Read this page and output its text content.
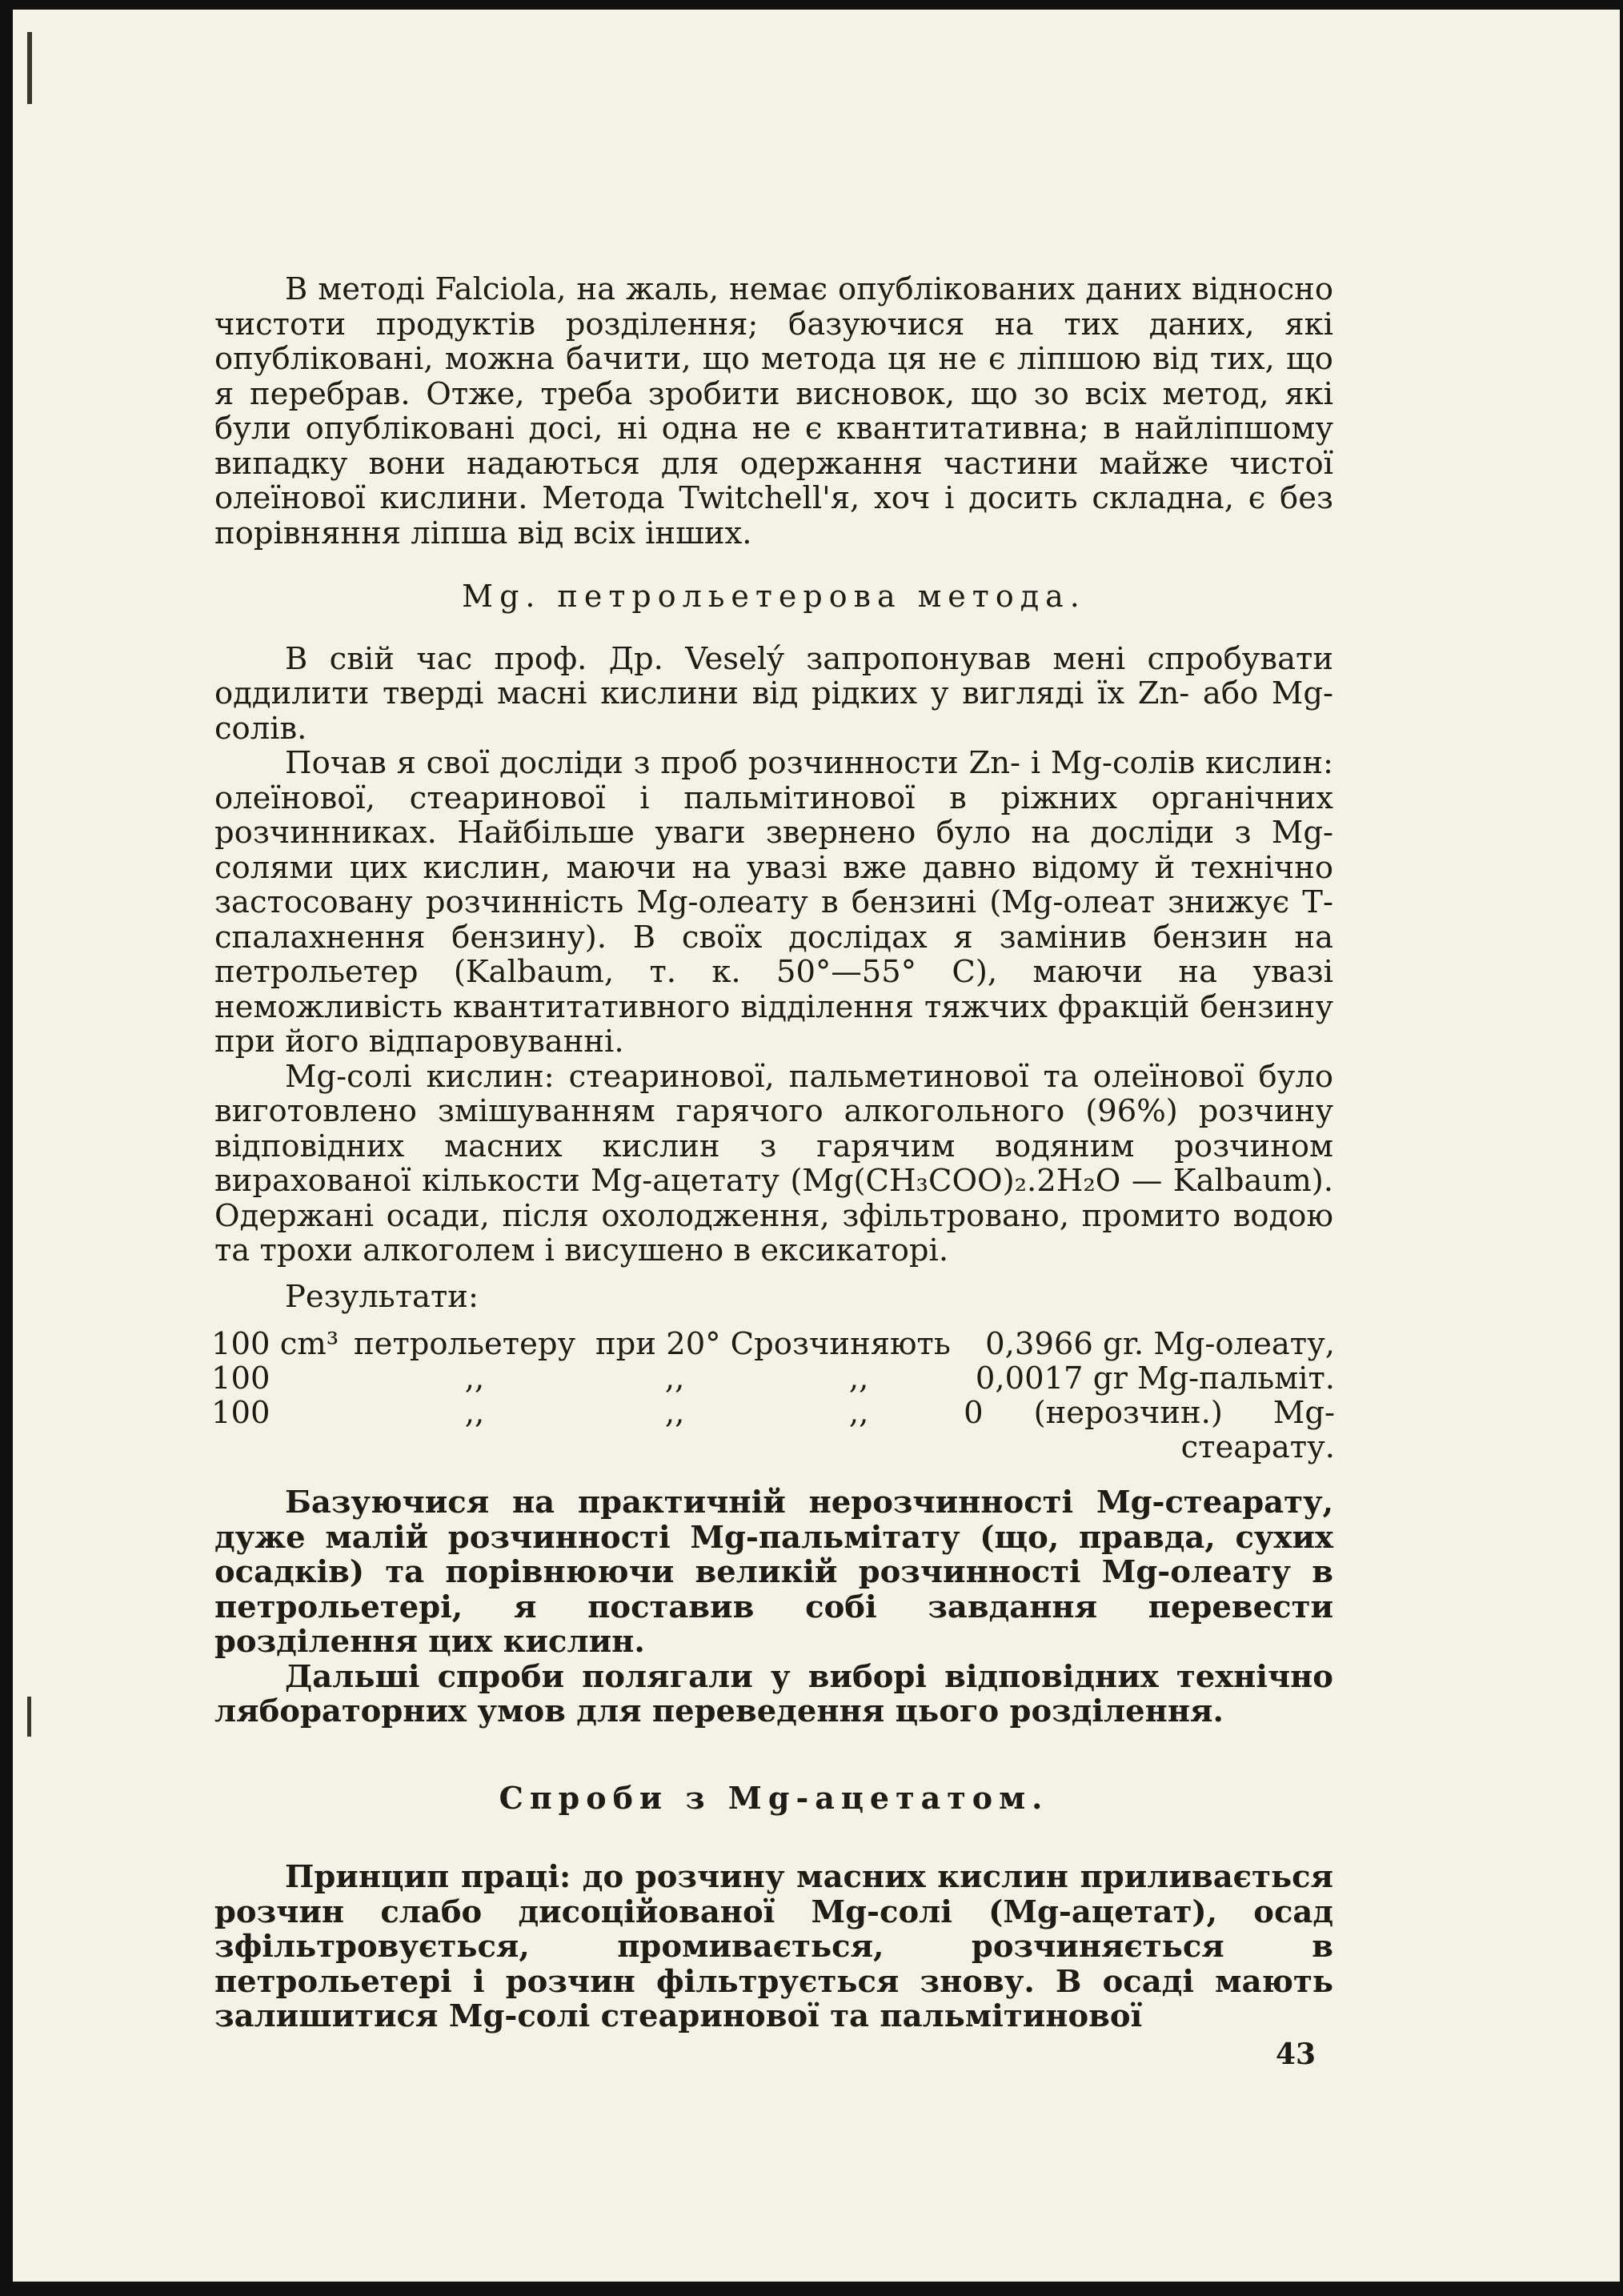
В методі Falciola, на жаль, немає опублікованих даних відносно чистоти продуктів розділення; базуючися на тих даних, які опубліковані, можна бачити, що метода ця не є ліпшою від тих, що я перебрав. Отже, треба зробити висновок, що зо всіх метод, які були опубліковані досі, ні одна не є квантитативна; в найліпшому випадку вони надаються для одержання частини майже чистої олеїнової кислини. Метода Twitchell'я, хоч і досить складна, є без порівняння ліпша від всіх інших.

Mg. петрольетерова метода.

В свій час проф. Др. Veselý запропонував мені спробувати оддилити тверді масні кислини від рідких у вигляді їх Zn- або Mg-солів.

Почав я свої досліди з проб розчинности Zn- і Mg-солів кислин: олеїнової, стеаринової і пальмітинової в ріжних органічних розчинниках. Найбільше уваги звернено було на досліди з Mg-солями цих кислин, маючи на увазі вже давно відому й технічно застосовану розчинність Mg-олеату в бензині (Mg-олеат знижує Т-спалахнення бензину). В своїх дослідах я замінив бензин на петрольетер (Kalbaum, т. к. 50°—55° C), маючи на увазі неможливість квантитативного відділення тяжчих фракцій бензину при його відпаровуванні.

Mg-солі кислин: стеаринової, пальметинової та олеїнової було виготовлено змішуванням гарячого алкогольного (96%) розчину відповідних масних кислин з гарячим водяним розчином вирахованої кількости Mg-ацетату (Mg(CH₃COO)₂.2H₂O — Kalbaum). Одержані осади, після охолодження, зфільтровано, промито водою та трохи алкоголем і висушено в ексикаторі.

Результати:
100 cm³	петрольетеру	при 20° С	розчиняють	0,3966 gr. Mg-олеату,
100	,,	,,	,,	0,0017 gr Mg-пальміт.
100	,,	,,	,,	0 (нерозчин.) Mg- стеарату.

Базуючися на практичній нерозчинності Mg-стеарату, дуже малій розчинності Mg-пальмітату (що, правда, сухих осадків) та порівнюючи великій розчинності Mg-олеату в петрольетері, я поставив собі завдання перевести розділення цих кислин.

Дальші спроби полягали у виборі відповідних технічно лябораторних умов для переведення цього розділення.

Спроби з Mg-ацетатом.

Принцип праці: до розчину масних кислин приливається розчин слабо дисоційованої Mg-солі (Mg-ацетат), осад зфільтровується, промивається, розчиняється в петрольетері і розчин фільтрується знову. В осаді мають залишитися Mg-солі стеаринової та пальмітинової

43
